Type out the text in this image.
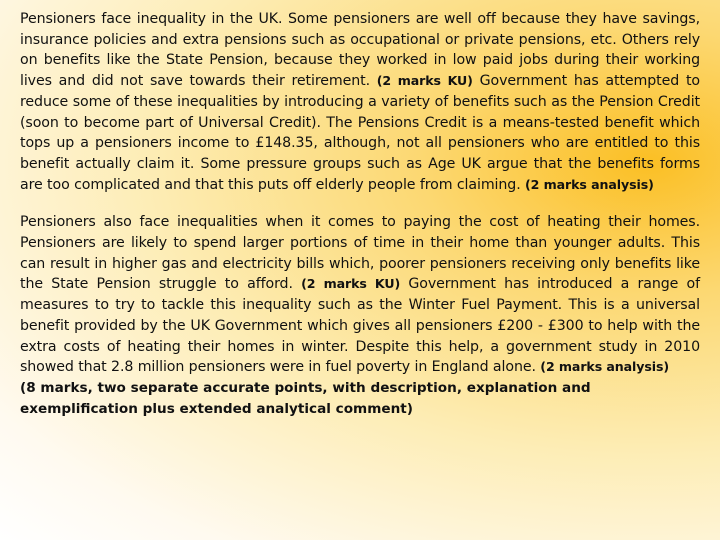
Pensioners face inequality in the UK. Some pensioners are well off because they have savings, insurance policies and extra pensions such as occupational or private pensions, etc. Others rely on benefits like the State Pension, because they worked in low paid jobs during their working lives and did not save towards their retirement. (2 marks KU) Government has attempted to reduce some of these inequalities by introducing a variety of benefits such as the Pension Credit (soon to become part of Universal Credit). The Pensions Credit is a means-tested benefit which tops up a pensioners income to £148.35, although, not all pensioners who are entitled to this benefit actually claim it. Some pressure groups such as Age UK argue that the benefits forms are too complicated and that this puts off elderly people from claiming. (2 marks analysis)

Pensioners also face inequalities when it comes to paying the cost of heating their homes. Pensioners are likely to spend larger portions of time in their home than younger adults. This can result in higher gas and electricity bills which, poorer pensioners receiving only benefits like the State Pension struggle to afford. (2 marks KU) Government has introduced a range of measures to try to tackle this inequality such as the Winter Fuel Payment. This is a universal benefit provided by the UK Government which gives all pensioners £200 - £300 to help with the extra costs of heating their homes in winter. Despite this help, a government study in 2010 showed that 2.8 million pensioners were in fuel poverty in England alone. (2 marks analysis)

(8 marks, two separate accurate points, with description, explanation and exemplification plus extended analytical comment)
